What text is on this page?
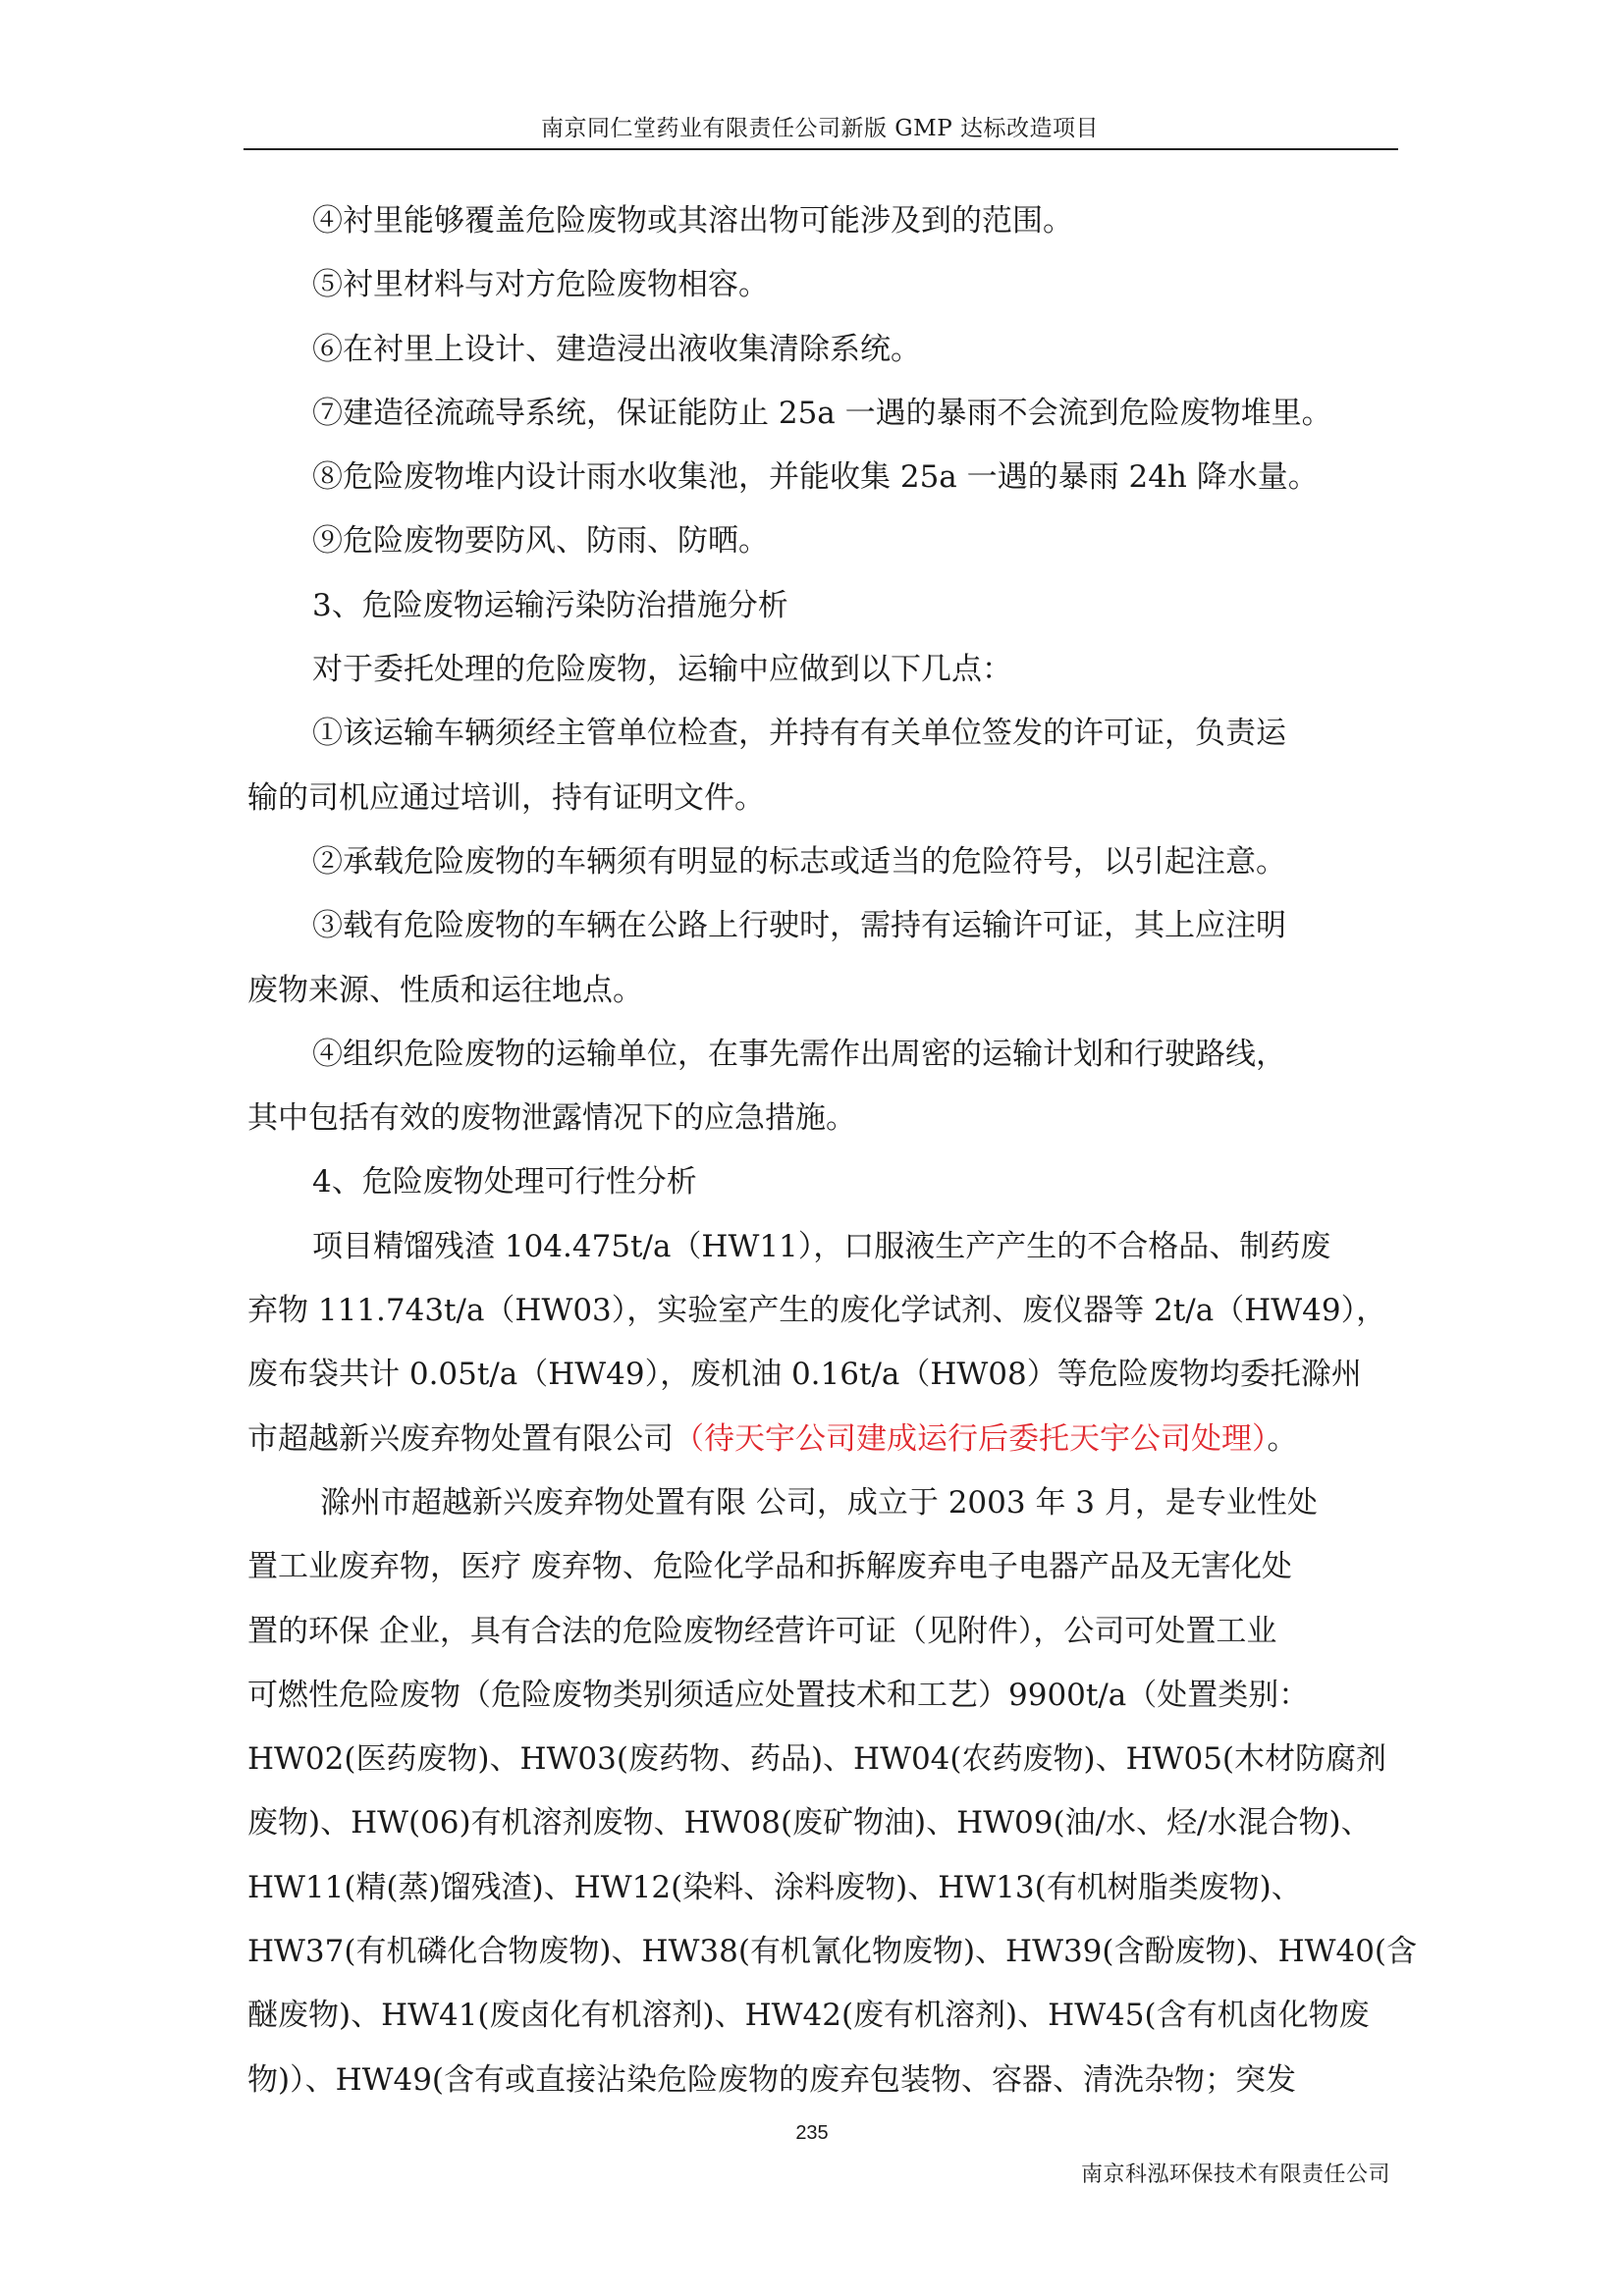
南京同仁堂药业有限责任公司新版 GMP 达标改造项目
④衬里能够覆盖危险废物或其溶出物可能涉及到的范围。
⑤衬里材料与对方危险废物相容。
⑥在衬里上设计、建造浸出液收集清除系统。
⑦建造径流疏导系统，保证能防止 25a 一遇的暴雨不会流到危险废物堆里。
⑧危险废物堆内设计雨水收集池，并能收集 25a 一遇的暴雨 24h 降水量。
⑨危险废物要防风、防雨、防晒。
3、危险废物运输污染防治措施分析
对于委托处理的危险废物，运输中应做到以下几点：
①该运输车辆须经主管单位检查，并持有有关单位签发的许可证，负责运
输的司机应通过培训，持有证明文件。
②承载危险废物的车辆须有明显的标志或适当的危险符号，以引起注意。
③载有危险废物的车辆在公路上行驶时，需持有运输许可证，其上应注明
废物来源、性质和运往地点。
④组织危险废物的运输单位，在事先需作出周密的运输计划和行驶路线，
其中包括有效的废物泄露情况下的应急措施。
4、危险废物处理可行性分析
项目精馏残渣 104.475t/a（HW11），口服液生产产生的不合格品、制药废
弃物 111.743t/a（HW03），实验室产生的废化学试剂、废仪器等 2t/a（HW49），
废布袋共计 0.05t/a（HW49），废机油 0.16t/a（HW08）等危险废物均委托滁州
市超越新兴废弃物处置有限公司（待天宇公司建成运行后委托天宇公司处理）。
滁州市超越新兴废弃物处置有限 公司，成立于 2003 年 3 月，是专业性处
置工业废弃物，医疗 废弃物、危险化学品和拆解废弃电子电器产品及无害化处
置的环保 企业，具有合法的危险废物经营许可证（见附件），公司可处置工业
可燃性危险废物（危险废物类别须适应处置技术和工艺）9900t/a（处置类别：
HW02(医药废物)、HW03(废药物、药品)、HW04(农药废物)、HW05(木材防腐剂
废物)、HW(06)有机溶剂废物、HW08(废矿物油)、HW09(油/水、烃/水混合物)、
HW11(精(蒸)馏残渣)、HW12(染料、涂料废物)、HW13(有机树脂类废物)、
HW37(有机磷化合物废物)、HW38(有机氰化物废物)、HW39(含酚废物)、HW40(含
醚废物)、HW41(废卤化有机溶剂)、HW42(废有机溶剂)、HW45(含有机卤化物废
物)）、HW49(含有或直接沾染危险废物的废弃包装物、容器、清洗杂物；突发
235
南京科泓环保技术有限责任公司
